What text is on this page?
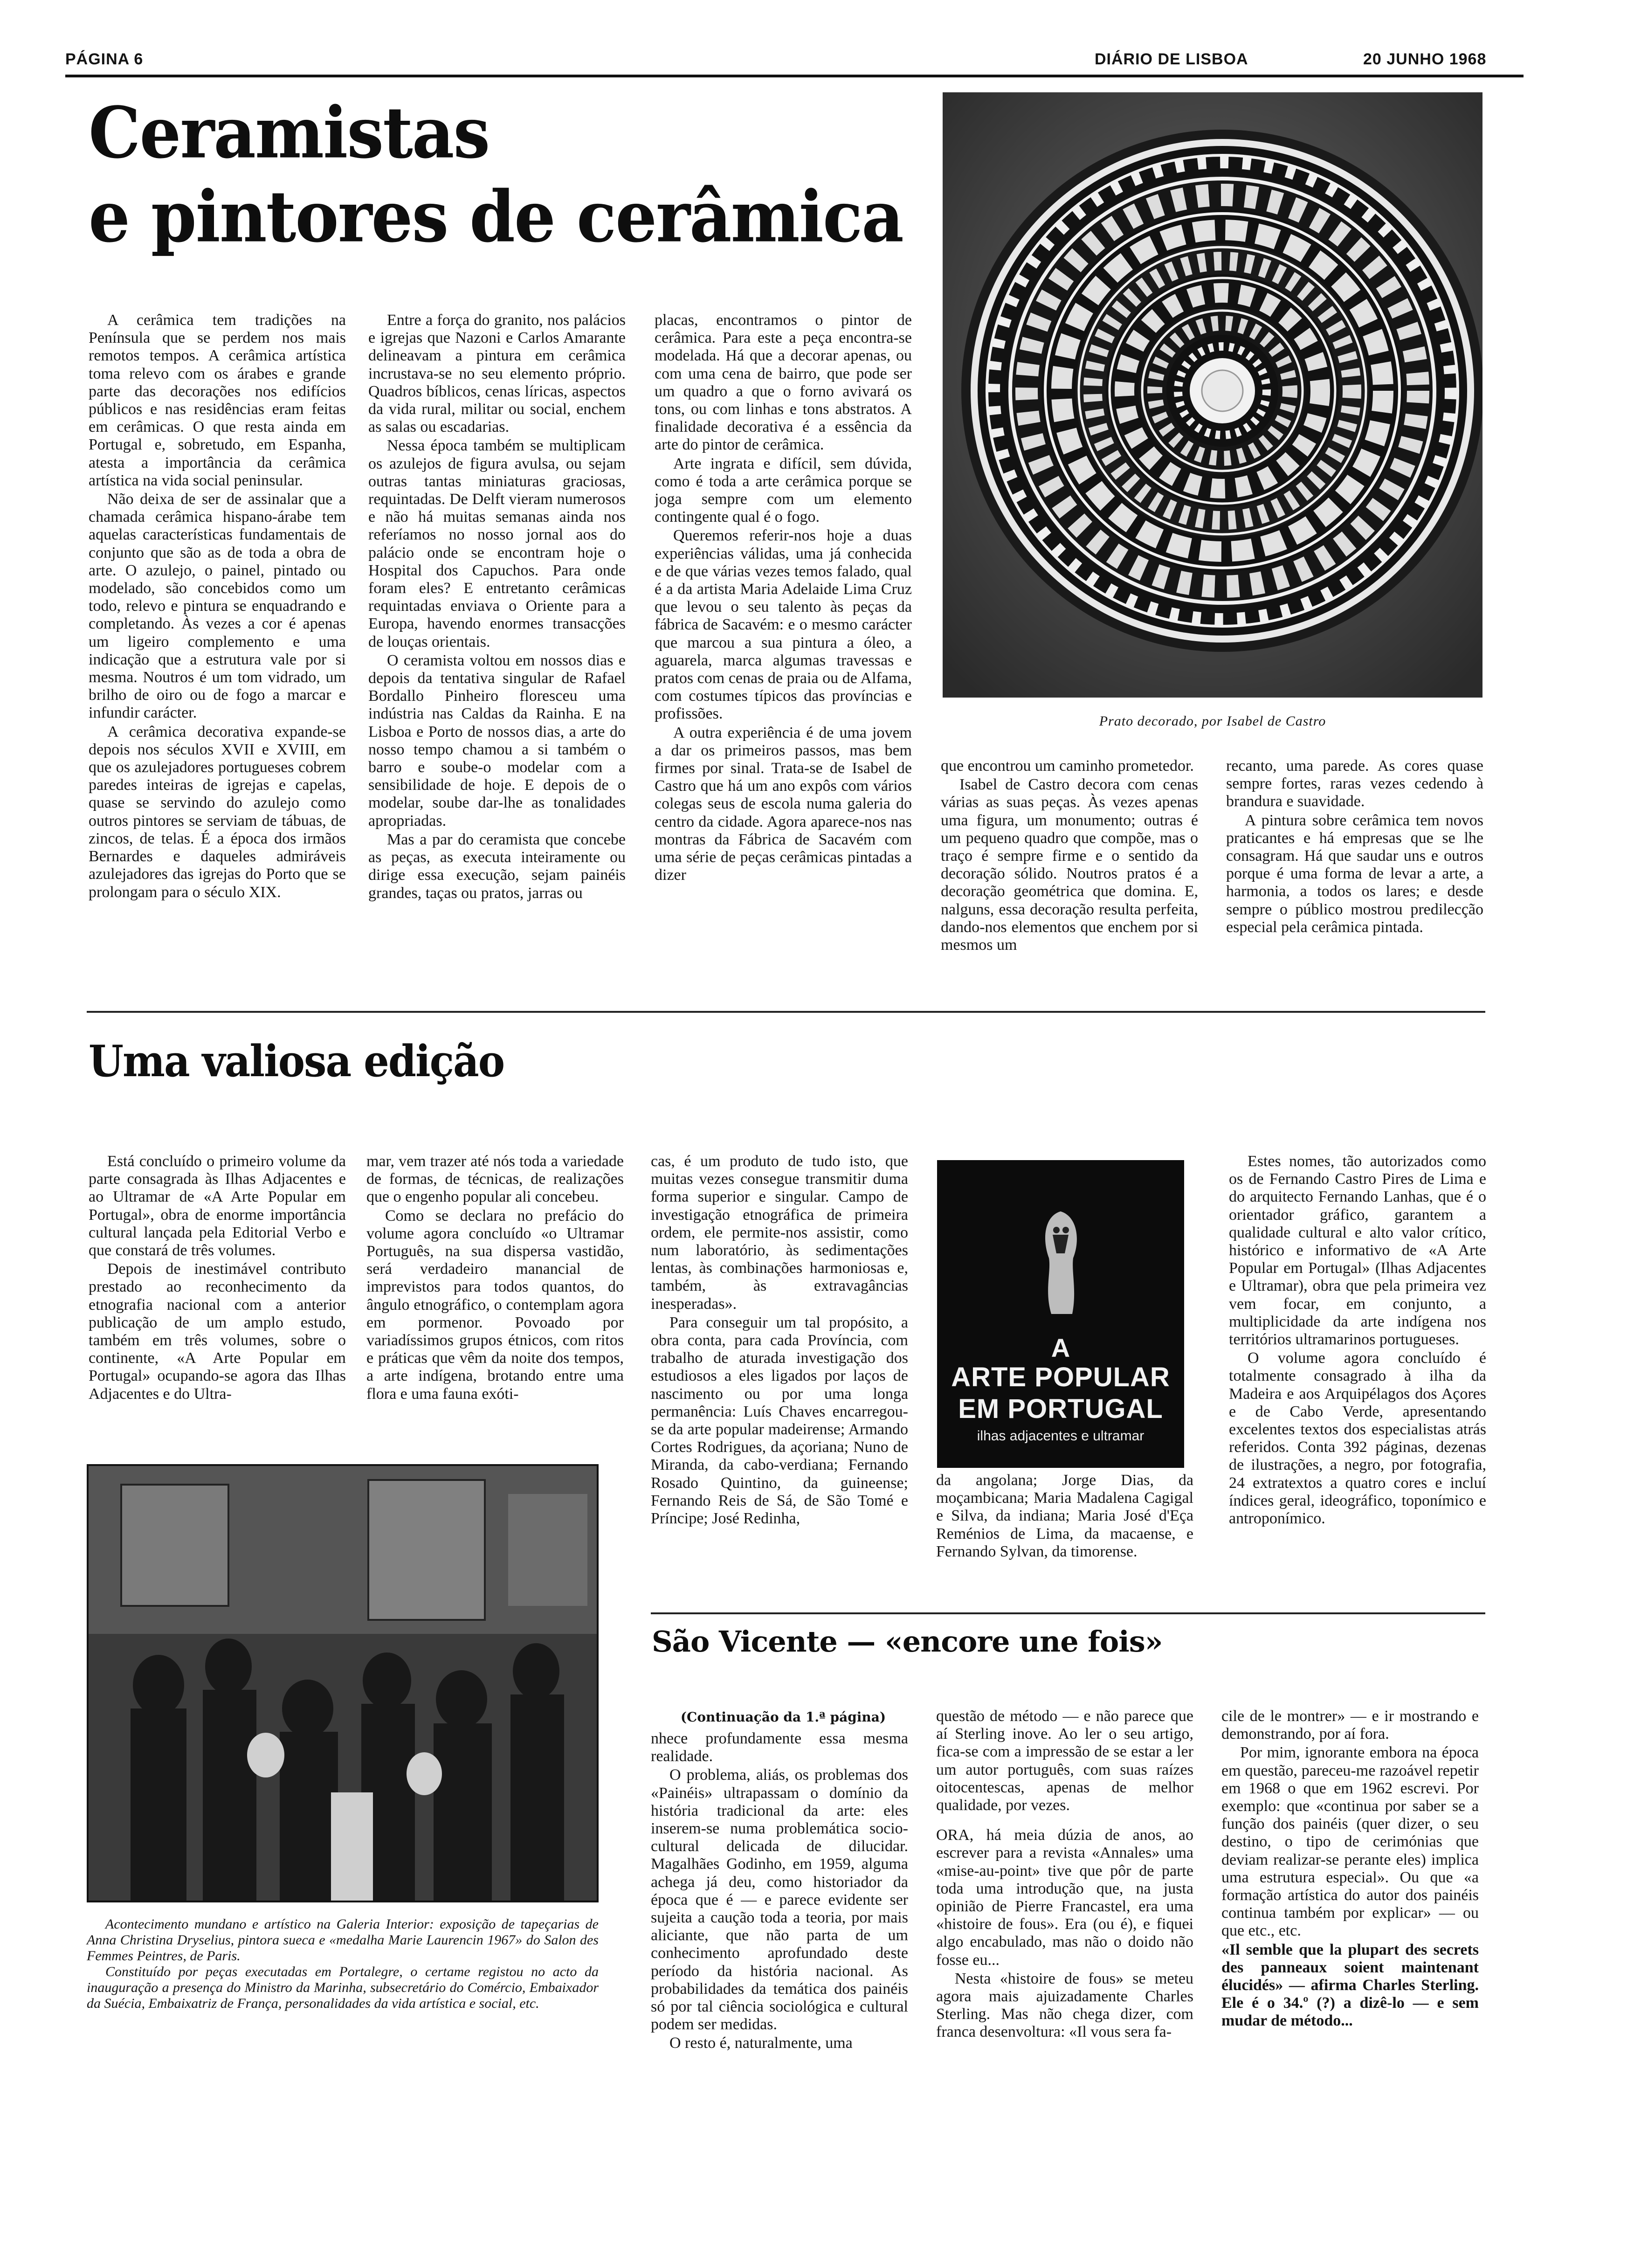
PÁGINA 6	DIÁRIO DE LISBOA	20 JUNHO 1968
Ceramistas
e pintores de cerâmica

A cerâmica tem tradições na Península que se perdem nos mais remotos tempos. A cerâmica artística toma relevo com os árabes e grande parte das decorações nos edifícios públicos e nas residências eram feitas em cerâmicas. O que resta ainda em Portugal e, sobretudo, em Espanha, atesta a importância da cerâmica artística na vida social peninsular.

Não deixa de ser de assinalar que a chamada cerâmica hispano-árabe tem aquelas características fundamentais de conjunto que são as de toda a obra de arte. O azulejo, o painel, pintado ou modelado, são concebidos como um todo, relevo e pintura se enquadrando e completando. Às vezes a cor é apenas um ligeiro complemento e uma indicação que a estrutura vale por si mesma. Noutros é um tom vidrado, um brilho de oiro ou de fogo a marcar e infundir carácter.

A cerâmica decorativa expande-se depois nos séculos XVII e XVIII, em que os azulejadores portugueses cobrem paredes inteiras de igrejas e capelas, quase se servindo do azulejo como outros pintores se serviam de tábuas, de zincos, de telas. É a época dos irmãos Bernardes e daqueles admiráveis azulejadores das igrejas do Porto que se prolongam para o século XIX.

Entre a força do granito, nos palácios e igrejas que Nazoni e Carlos Amarante delineavam a pintura em cerâmica incrustava-se no seu elemento próprio. Quadros bíblicos, cenas líricas, aspectos da vida rural, militar ou social, enchem as salas ou escadarias.

Nessa época também se multiplicam os azulejos de figura avulsa, ou sejam outras tantas miniaturas graciosas, requintadas. De Delft vieram numerosos e não há muitas semanas ainda nos referíamos no nosso jornal aos do palácio onde se encontram hoje o Hospital dos Capuchos. Para onde foram eles? E entretanto cerâmicas requintadas enviava o Oriente para a Europa, havendo enormes transacções de louças orientais.

O ceramista voltou em nossos dias e depois da tentativa singular de Rafael Bordallo Pinheiro floresceu uma indústria nas Caldas da Rainha. E na Lisboa e Porto de nossos dias, a arte do nosso tempo chamou a si também o barro e soube-o modelar com a sensibilidade de hoje. E depois de o modelar, soube dar-lhe as tonalidades apropriadas.

Mas a par do ceramista que concebe as peças, as executa inteiramente ou dirige essa execução, sejam painéis grandes, taças ou pratos, jarras ou

placas, encontramos o pintor de cerâmica. Para este a peça encontra-se modelada. Há que a decorar apenas, ou com uma cena de bairro, que pode ser um quadro a que o forno avivará os tons, ou com linhas e tons abstratos. A finalidade decorativa é a essência da arte do pintor de cerâmica.

Arte ingrata e difícil, sem dúvida, como é toda a arte cerâmica porque se joga sempre com um elemento contingente qual é o fogo.

Queremos referir-nos hoje a duas experiências válidas, uma já conhecida e de que várias vezes temos falado, qual é a da artista Maria Adelaide Lima Cruz que levou o seu talento às peças da fábrica de Sacavém: e o mesmo carácter que marcou a sua pintura a óleo, a aguarela, marca algumas travessas e pratos com cenas de praia ou de Alfama, com costumes típicos das províncias e profissões.

A outra experiência é de uma jovem a dar os primeiros passos, mas bem firmes por sinal. Trata-se de Isabel de Castro que há um ano expôs com vários colegas seus de escola numa galeria do centro da cidade. Agora aparece-nos nas montras da Fábrica de Sacavém com uma série de peças cerâmicas pintadas a dizer

que encontrou um caminho prometedor.

Isabel de Castro decora com cenas várias as suas peças. Às vezes apenas uma figura, um monumento; outras é um pequeno quadro que compõe, mas o traço é sempre firme e o sentido da decoração sólido. Noutros pratos é a decoração geométrica que domina. E, nalguns, essa decoração resulta perfeita, dando-nos elementos que enchem por si mesmos um

recanto, uma parede. As cores quase sempre fortes, raras vezes cedendo à brandura e suavidade.

A pintura sobre cerâmica tem novos praticantes e há empresas que se lhe consagram. Há que saudar uns e outros porque é uma forma de levar a arte, a harmonia, a todos os lares; e desde sempre o público mostrou predilecção especial pela cerâmica pintada.

Prato decorado, por Isabel de Castro
Uma valiosa edição

Está concluído o primeiro volume da parte consagrada às Ilhas Adjacentes e ao Ultramar de «A Arte Popular em Portugal», obra de enorme importância cultural lançada pela Editorial Verbo e que constará de três volumes.

Depois de inestimável contributo prestado ao reconhecimento da etnografia nacional com a anterior publicação de um amplo estudo, também em três volumes, sobre o continente, «A Arte Popular em Portugal» ocupando-se agora das Ilhas Adjacentes e do Ultra-

mar, vem trazer até nós toda a variedade de formas, de técnicas, de realizações que o engenho popular ali concebeu.

Como se declara no prefácio do volume agora concluído «o Ultramar Português, na sua dispersa vastidão, será verdadeiro manancial de imprevistos para todos quantos, do ângulo etnográfico, o contemplam agora em pormenor. Povoado por variadíssimos grupos étnicos, com ritos e práticas que vêm da noite dos tempos, a arte indígena, brotando entre uma flora e uma fauna exóti-

cas, é um produto de tudo isto, que muitas vezes consegue transmitir duma forma superior e singular. Campo de investigação etnográfica de primeira ordem, ele permite-nos assistir, como num laboratório, às sedimentações lentas, às combinações harmoniosas e, também, às extravagâncias inesperadas».

Para conseguir um tal propósito, a obra conta, para cada Província, com trabalho de aturada investigação dos estudiosos a eles ligados por laços de nascimento ou por uma longa permanência: Luís Chaves encarregou-se da arte popular madeirense; Armando Cortes Rodrigues, da açoriana; Nuno de Miranda, da cabo-verdiana; Fernando Rosado Quintino, da guineense; Fernando Reis de Sá, de São Tomé e Príncipe; José Redinha,

A
ARTE POPULAR
EM PORTUGAL
ilhas adjacentes e ultramar

da angolana; Jorge Dias, da moçambicana; Maria Madalena Cagigal e Silva, da indiana; Maria José d'Eça Reménios de Lima, da macaense, e Fernando Sylvan, da timorense.

Estes nomes, tão autorizados como os de Fernando Castro Pires de Lima e do arquitecto Fernando Lanhas, que é o orientador gráfico, garantem a qualidade cultural e alto valor crítico, histórico e informativo de «A Arte Popular em Portugal» (Ilhas Adjacentes e Ultramar), obra que pela primeira vez vem focar, em conjunto, a multiplicidade da arte indígena nos territórios ultramarinos portugueses.

O volume agora concluído é totalmente consagrado à ilha da Madeira e aos Arquipélagos dos Açores e de Cabo Verde, apresentando excelentes textos dos especialistas atrás referidos. Conta 392 páginas, dezenas de ilustrações, a negro, por fotografia, 24 extratextos a quatro cores e incluí índices geral, ideográfico, toponímico e antroponímico.

Acontecimento mundano e artístico na Galeria Interior: exposição de tapeçarias de Anna Christina Dryselius, pintora sueca e «medalha Marie Laurencin 1967» do Salon des Femmes Peintres, de Paris.

Constituído por peças executadas em Portalegre, o certame registou no acto da inauguração a presença do Ministro da Marinha, subsecretário do Comércio, Embaixador da Suécia, Embaixatriz de França, personalidades da vida artística e social, etc.

São Vicente — «encore une fois»
(Continuação da 1.ª página)

nhece profundamente essa mesma realidade.

O problema, aliás, os problemas dos «Painéis» ultrapassam o domínio da história tradicional da arte: eles inserem-se numa problemática socio-cultural delicada de dilucidar. Magalhães Godinho, em 1959, alguma achega já deu, como historiador da época que é — e parece evidente ser sujeita a caução toda a teoria, por mais aliciante, que não parta de um conhecimento aprofundado deste período da história nacional. As probabilidades da temática dos painéis só por tal ciência sociológica e cultural podem ser medidas.

O resto é, naturalmente, uma

questão de método — e não parece que aí Sterling inove. Ao ler o seu artigo, fica-se com a impressão de se estar a ler um autor português, com suas raízes oitocentescas, apenas de melhor qualidade, por vezes.

ORA, há meia dúzia de anos, ao escrever para a revista «Annales» uma «mise-au-point» tive que pôr de parte toda uma introdução que, na justa opinião de Pierre Francastel, era uma «histoire de fous». Era (ou é), e fiquei algo encabulado, mas não o doido não fosse eu...

Nesta «histoire de fous» se meteu agora mais ajuizadamente Charles Sterling. Mas não chega dizer, com franca desenvoltura: «Il vous sera fa-

cile de le montrer» — e ir mostrando e demonstrando, por aí fora.

Por mim, ignorante embora na época em questão, pareceu-me razoável repetir em 1968 o que em 1962 escrevi. Por exemplo: que «continua por saber se a função dos painéis (quer dizer, o seu destino, o tipo de cerimónias que deviam realizar-se perante eles) implica uma estrutura especial». Ou que «a formação artística do autor dos painéis continua também por explicar» — ou que etc., etc.

«Il semble que la plupart des secrets des panneaux soient maintenant élucidés» — afirma Charles Sterling. Ele é o 34.º (?) a dizê-lo — e sem mudar de método...
